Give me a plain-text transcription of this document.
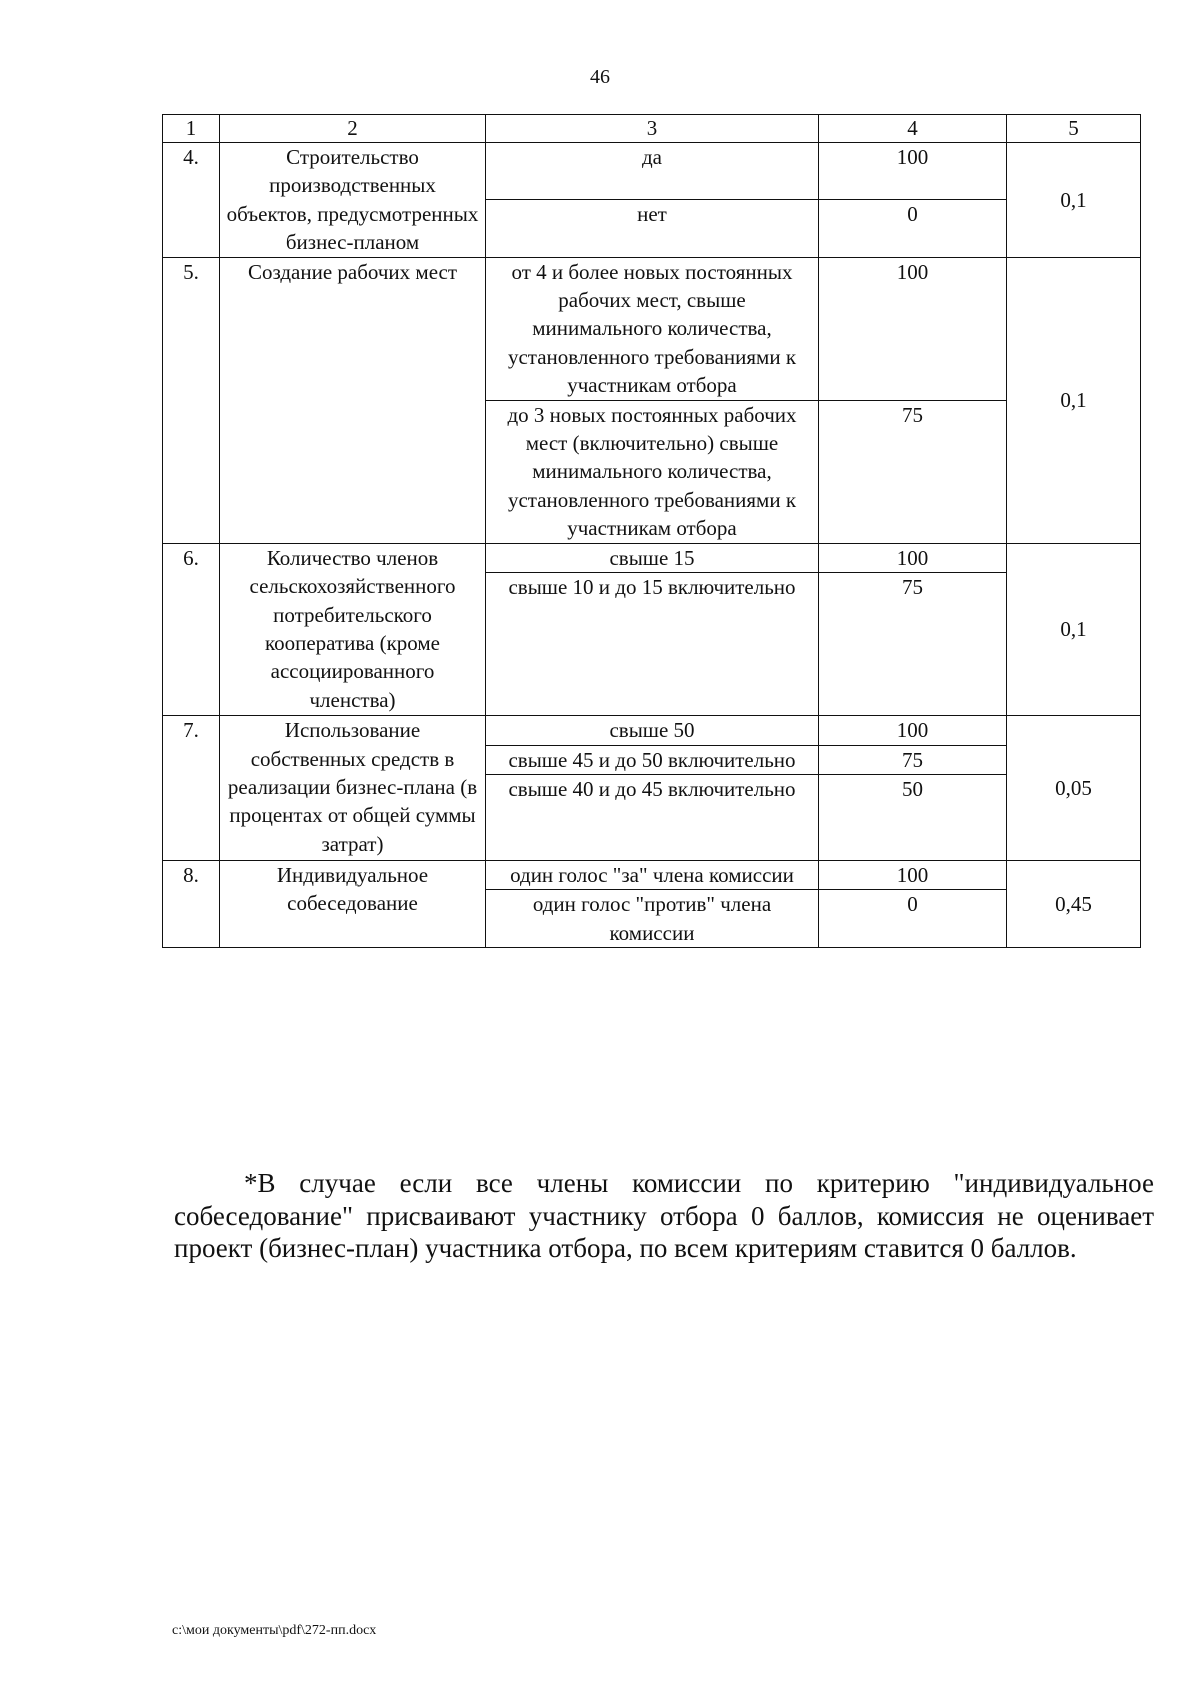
46
1	2	3	4	5
4.	Строительство производственных объектов, предусмотренных бизнес-планом	да	100	0,1
		нет	0	
5.	Создание рабочих мест	от 4 и более новых постоянных рабочих мест, свыше минимального количества, установленного требованиями к участникам отбора	100	0,1
		до 3 новых постоянных рабочих мест (включительно) свыше минимального количества, установленного требованиями к участникам отбора	75	
6.	Количество членов сельскохозяйственного потребительского кооператива (кроме ассоциированного членства)	свыше 15	100	0,1
		свыше 10 и до 15 включительно	75	
7.	Использование собственных средств в реализации бизнес-плана (в процентах от общей суммы затрат)	свыше 50	100	0,05
		свыше 45 и до 50 включительно	75	
		свыше 40 и до 45 включительно	50	
8.	Индивидуальное собеседование	один голос "за" члена комиссии	100	0,45
		один голос "против" члена комиссии	0	

*В случае если все члены комиссии по критерию "индивидуальное собеседование" присваивают участнику отбора 0 баллов, комиссия не оценивает проект (бизнес-план) участника отбора, по всем критериям ставится 0 баллов.

c:\мои документы\pdf\272-пп.docx
